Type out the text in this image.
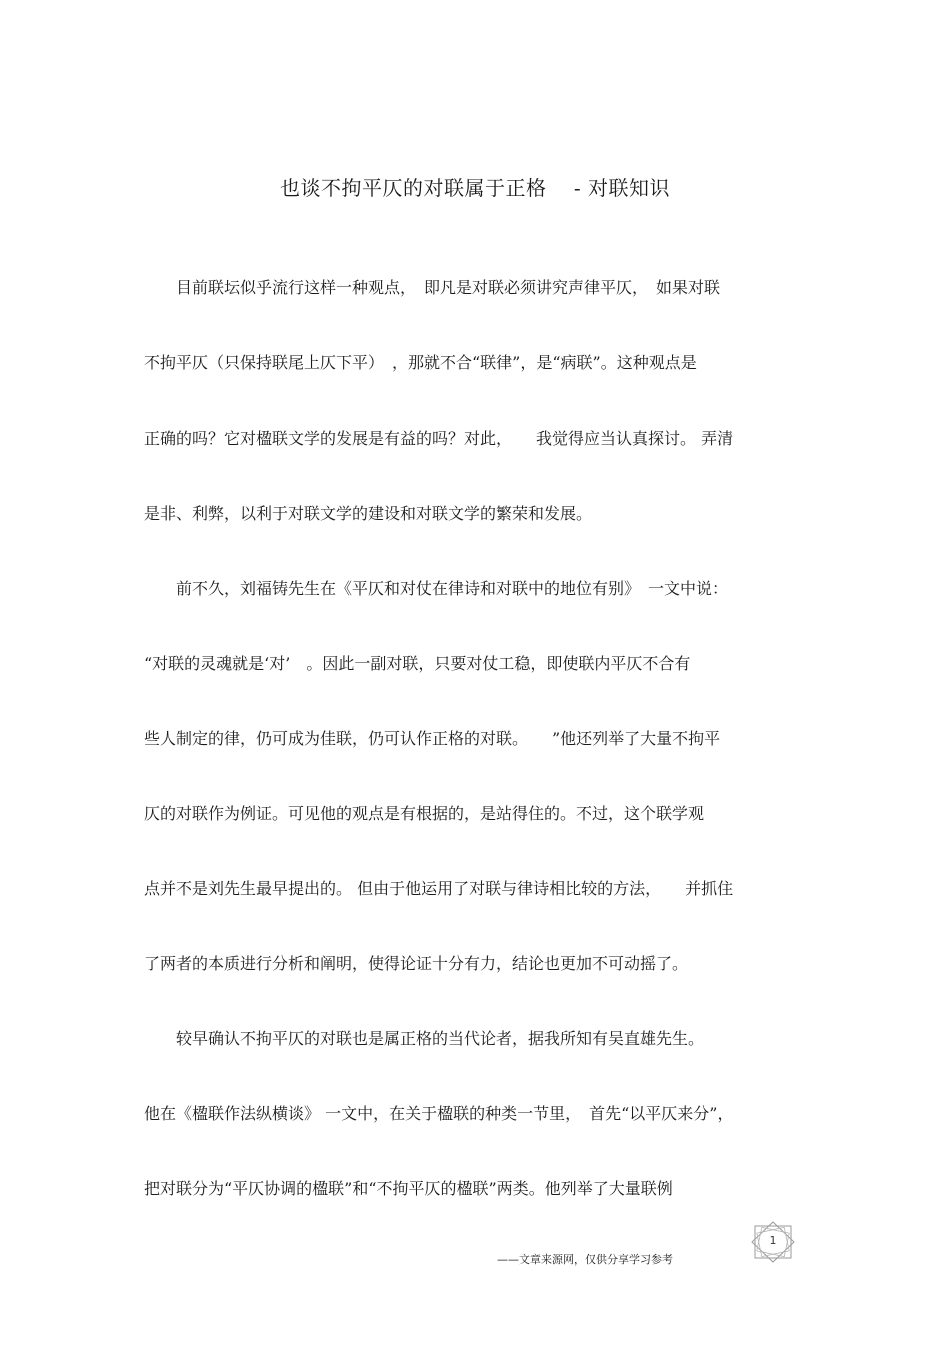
也谈不拘平仄的对联属于正格　 - 对联知识
　　目前联坛似乎流行这样一种观点，　即凡是对联必须讲究声律平仄，　如果对联
不拘平仄（只保持联尾上仄下平）　，那就不合“联律”，是“病联”。这种观点是
正确的吗？它对楹联文学的发展是有益的吗？对此，　　我觉得应当认真探讨。 弄清
是非、利弊，以利于对联文学的建设和对联文学的繁荣和发展。
　　前不久，刘福铸先生在《平仄和对仗在律诗和对联中的地位有别》　一文中说：
“对联的灵魂就是‘对’　。因此一副对联，只要对仗工稳，即使联内平仄不合有
些人制定的律，仍可成为佳联，仍可认作正格的对联。　　”他还列举了大量不拘平
仄的对联作为例证。可见他的观点是有根据的，是站得住的。不过，这个联学观
点并不是刘先生最早提出的。 但由于他运用了对联与律诗相比较的方法，　　并抓住
了两者的本质进行分析和阐明，使得论证十分有力，结论也更加不可动摇了。
　　较早确认不拘平仄的对联也是属正格的当代论者，据我所知有吴直雄先生。
他在《楹联作法纵横谈》 一文中，在关于楹联的种类一节里，　首先“以平仄来分”，
把对联分为“平仄协调的楹联”和“不拘平仄的楹联”两类。他列举了大量联例
——文章来源网，仅供分享学习参考
1
